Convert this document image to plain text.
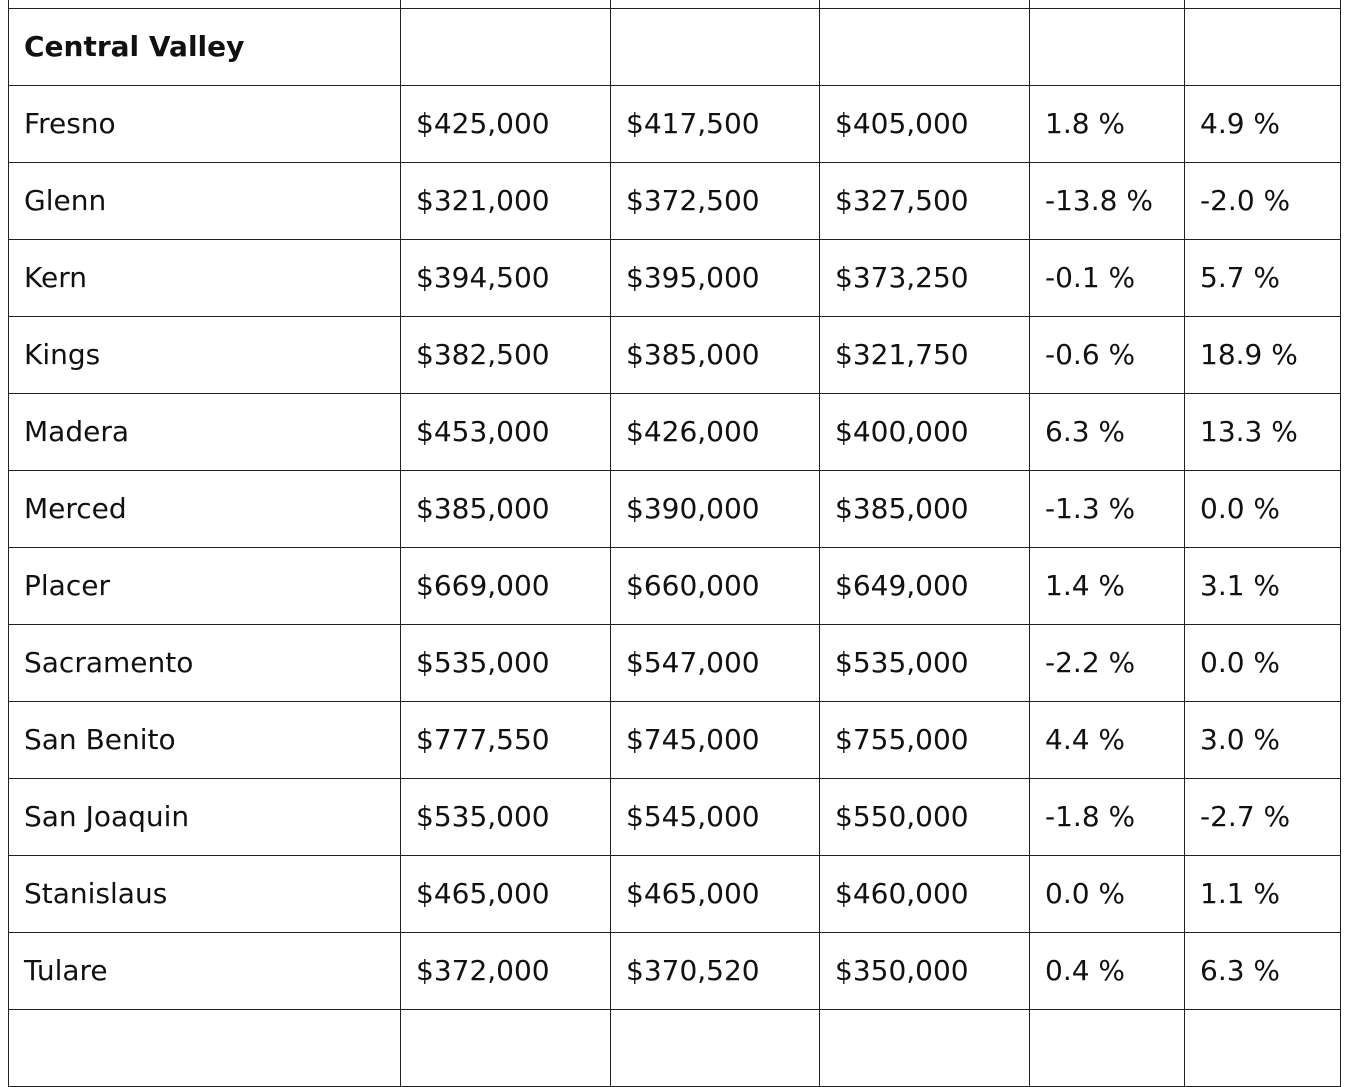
Central Valley					
Fresno	$425,000	$417,500	$405,000	1.8 %	4.9 %
Glenn	$321,000	$372,500	$327,500	-13.8 %	-2.0 %
Kern	$394,500	$395,000	$373,250	-0.1 %	5.7 %
Kings	$382,500	$385,000	$321,750	-0.6 %	18.9 %
Madera	$453,000	$426,000	$400,000	6.3 %	13.3 %
Merced	$385,000	$390,000	$385,000	-1.3 %	0.0 %
Placer	$669,000	$660,000	$649,000	1.4 %	3.1 %
Sacramento	$535,000	$547,000	$535,000	-2.2 %	0.0 %
San Benito	$777,550	$745,000	$755,000	4.4 %	3.0 %
San Joaquin	$535,000	$545,000	$550,000	-1.8 %	-2.7 %
Stanislaus	$465,000	$465,000	$460,000	0.0 %	1.1 %
Tulare	$372,000	$370,520	$350,000	0.4 %	6.3 %
